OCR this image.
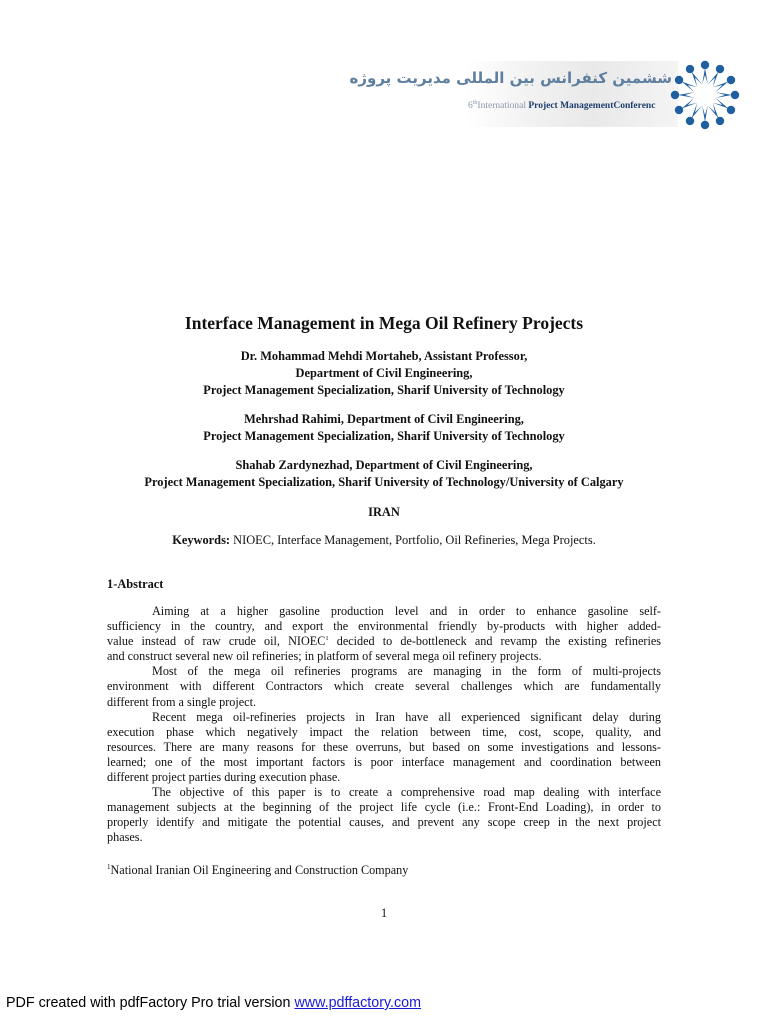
ششمین کنفرانس بین المللی مدیریت پروژه
6thInternational Project ManagementConferenc
Interface Management in Mega Oil Refinery Projects

Dr. Mohammad Mehdi Mortaheb, Assistant Professor,
Department of Civil Engineering,
Project Management Specialization, Sharif University of Technology

Mehrshad Rahimi, Department of Civil Engineering,
Project Management Specialization, Sharif University of Technology

Shahab Zardynezhad, Department of Civil Engineering,
Project Management Specialization, Sharif University of Technology/University of Calgary

IRAN
Keywords: NIOEC, Interface Management, Portfolio, Oil Refineries, Mega Projects.
1-Abstract

Aiming at a higher gasoline production level and in order to enhance gasoline self-
sufficiency in the country, and export the environmental friendly by-products with higher added-
value instead of raw crude oil, NIOEC$^1$ decided to de-bottleneck and revamp the existing refineries
and construct several new oil refineries; in platform of several mega oil refinery projects.

Most of the mega oil refineries programs are managing in the form of multi-projects
environment with different Contractors which create several challenges which are fundamentally
different from a single project.

Recent mega oil-refineries projects in Iran have all experienced significant delay during
execution phase which negatively impact the relation between time, cost, scope, quality, and
resources. There are many reasons for these overruns, but based on some investigations and lessons-
learned; one of the most important factors is poor interface management and coordination between
different project parties during execution phase.

The objective of this paper is to create a comprehensive road map dealing with interface
management subjects at the beginning of the project life cycle (i.e.: Front-End Loading), in order to
properly identify and mitigate the potential causes, and prevent any scope creep in the next project
phases.

$^1$National Iranian Oil Engineering and Construction Company
1
PDF created with pdfFactory Pro trial version www.pdffactory.com
